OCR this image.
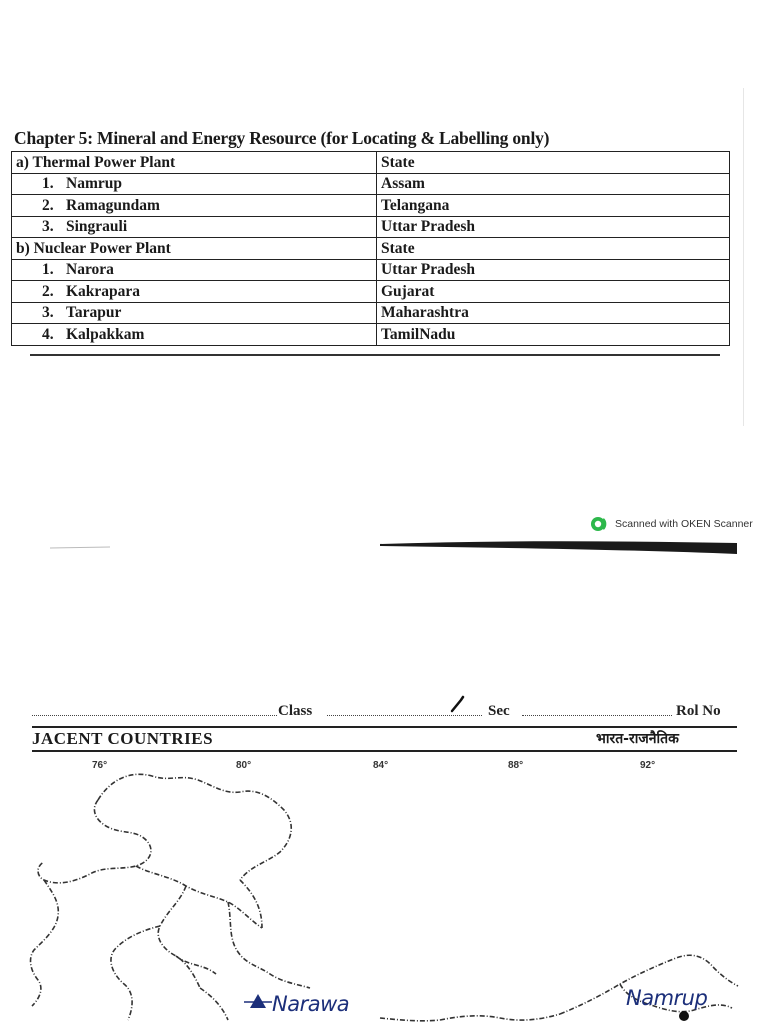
Chapter 5: Mineral and Energy Resource (for Locating & Labelling only)
a) Thermal Power Plant	State
1. Namrup	Assam
2. Ramagundam	Telangana
3. Singrauli	Uttar Pradesh
b) Nuclear Power Plant	State
1. Narora	Uttar Pradesh
2. Kakrapara	Gujarat
3. Tarapur	Maharashtra
4. Kalpakkam	TamilNadu
Scanned with OKEN Scanner
Class	Sec	Rol No
JACENT COUNTRIES	भारत-राजनैतिक
76°	80°	84°	88°	92°
Narawa	Namrup
